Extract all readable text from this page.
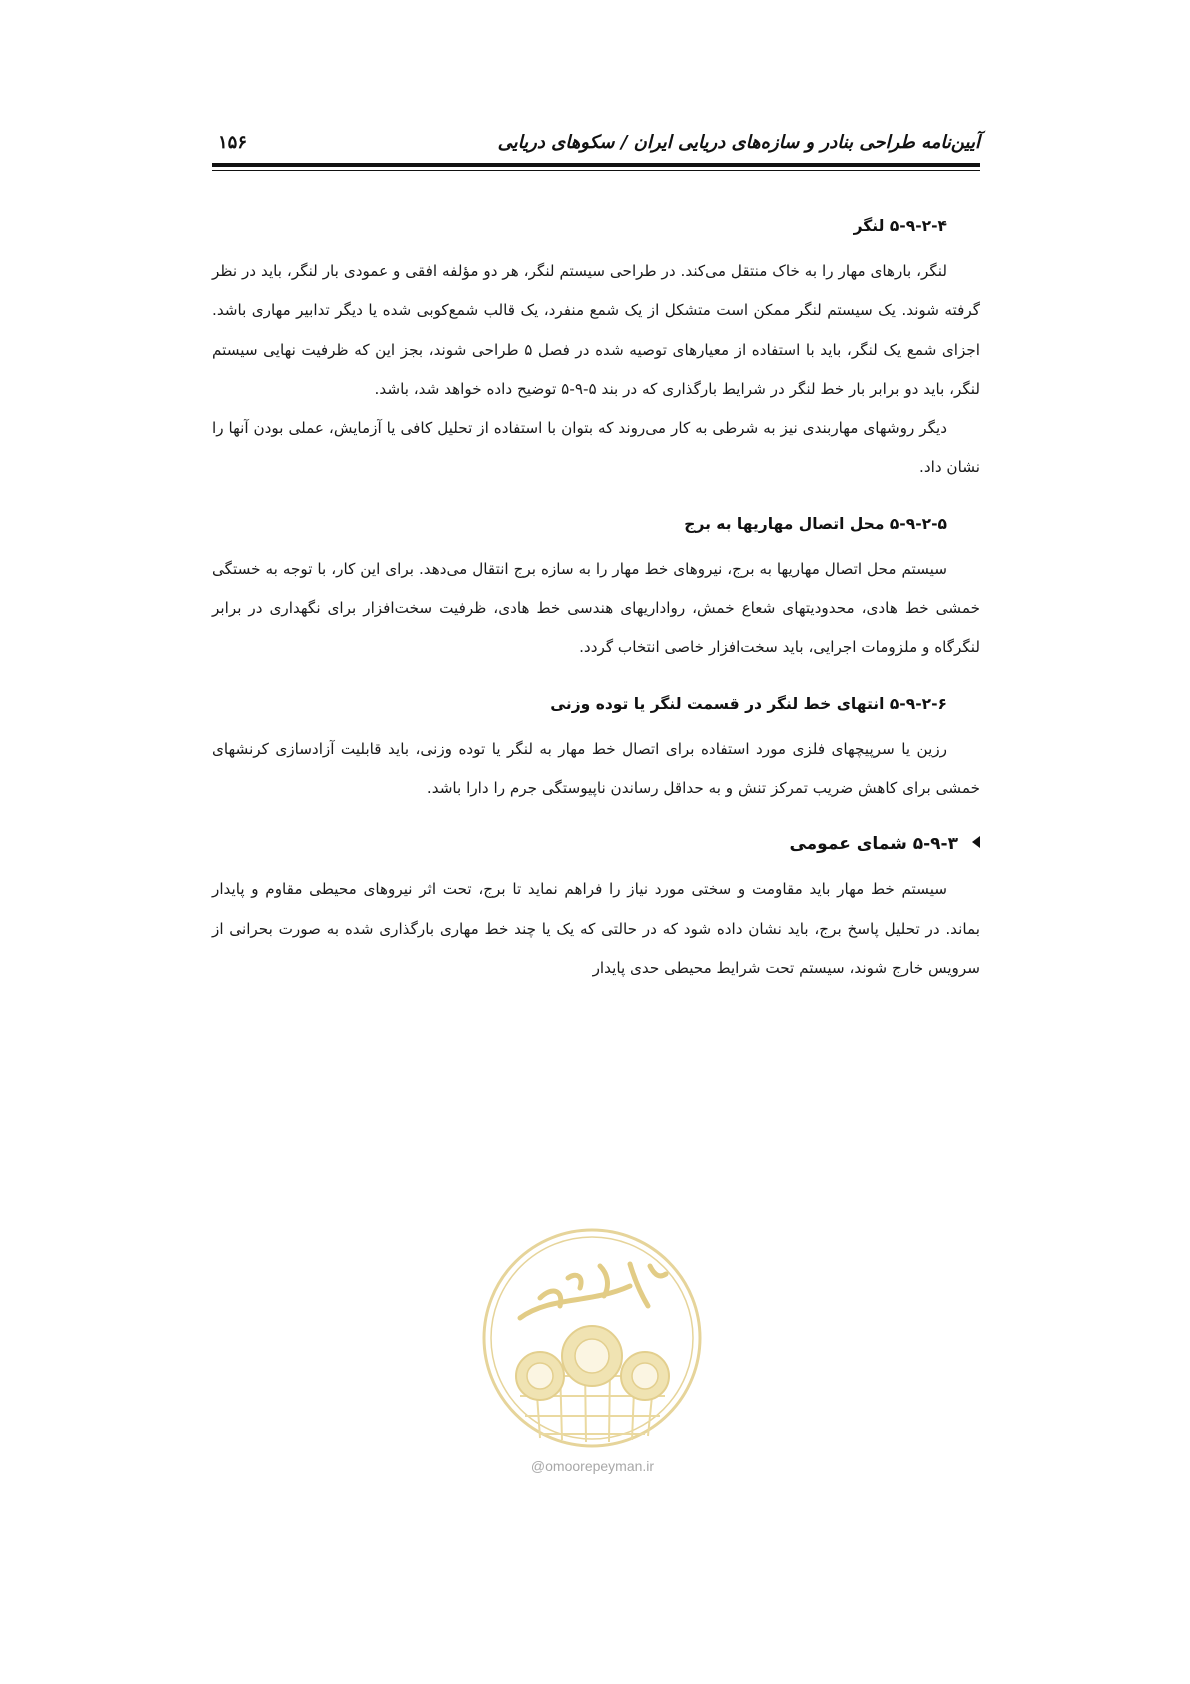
آیین‌نامه طراحی بنادر و سازه‌های دریایی ایران / سکوهای دریایی
۱۵۶
۵-۹-۲-۴ لنگر

لنگر، بارهای مهار را به خاک منتقل می‌کند. در طراحی سیستم لنگر، هر دو مؤلفه افقی و عمودی بار لنگر، باید در نظر گرفته شوند. یک سیستم لنگر ممکن است متشکل از یک شمع منفرد، یک قالب شمع‌کوبی شده یا دیگر تدابیر مهاری باشد. اجزای شمع یک لنگر، باید با استفاده از معیارهای توصیه شده در فصل ۵ طراحی شوند، بجز این که ظرفیت نهایی سیستم لنگر، باید دو برابر بار خط لنگر در شرایط بارگذاری که در بند ۵-۹-۵ توضیح داده خواهد شد، باشد.

دیگر روشهای مهاربندی نیز به شرطی به کار می‌روند که بتوان با استفاده از تحلیل کافی یا آزمایش، عملی بودن آنها را نشان داد.

۵-۹-۲-۵ محل اتصال مهاریها به برج

سیستم محل اتصال مهاریها به برج، نیروهای خط مهار را به سازه برج انتقال می‌دهد. برای این کار، با توجه به خستگی خمشی خط هادی، محدودیتهای شعاع خمش، رواداریهای هندسی خط هادی، ظرفیت سخت‌افزار برای نگهداری در برابر لنگرگاه و ملزومات اجرایی، باید سخت‌افزار خاصی انتخاب گردد.

۵-۹-۲-۶ انتهای خط لنگر در قسمت لنگر یا توده وزنی

رزین یا سرپیچهای فلزی مورد استفاده برای اتصال خط مهار به لنگر یا توده وزنی، باید قابلیت آزادسازی کرنشهای خمشی برای کاهش ضریب تمرکز تنش و به حداقل رساندن ناپیوستگی جرم را دارا باشد.

۵-۹-۳ شمای عمومی

سیستم خط مهار باید مقاومت و سختی مورد نیاز را فراهم نماید تا برج، تحت اثر نیروهای محیطی مقاوم و پایدار بماند. در تحلیل پاسخ برج، باید نشان داده شود که در حالتی که یک یا چند خط مهاری بارگذاری شده به صورت بحرانی از سرویس خارج شوند، سیستم تحت شرایط محیطی حدی پایدار

@omoorepeyman.ir
